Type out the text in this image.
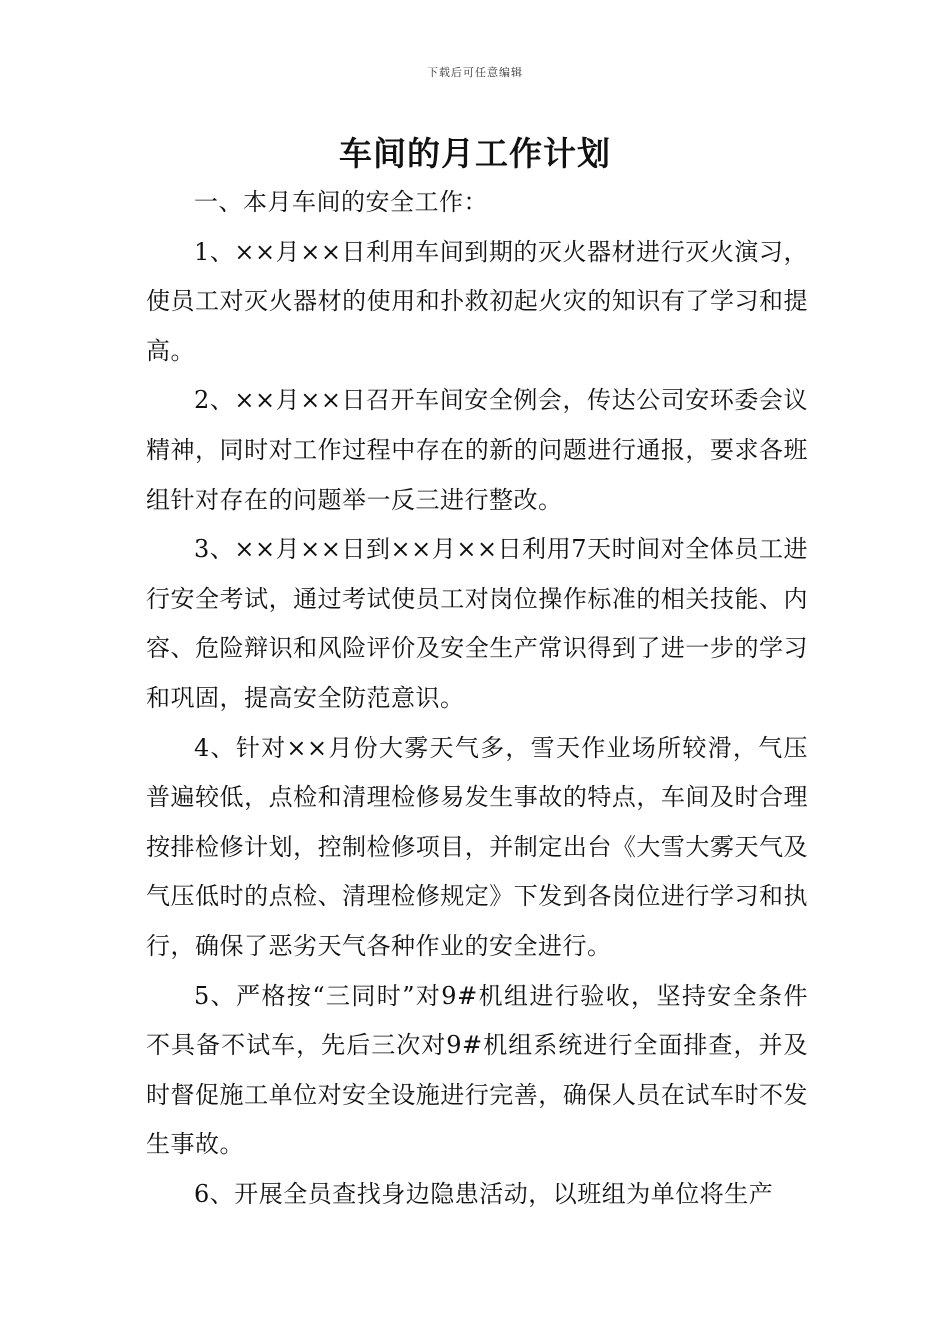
下载后可任意编辑
车间的月工作计划

一、本月车间的安全工作：

1、××月××日利用车间到期的灭火器材进行灭火演习，使员工对灭火器材的使用和扑救初起火灾的知识有了学习和提高。

2、××月××日召开车间安全例会，传达公司安环委会议精神，同时对工作过程中存在的新的问题进行通报，要求各班组针对存在的问题举一反三进行整改。

3、××月××日到××月××日利用7天时间对全体员工进行安全考试，通过考试使员工对岗位操作标准的相关技能、内容、危险辩识和风险评价及安全生产常识得到了进一步的学习和巩固，提高安全防范意识。

4、针对××月份大雾天气多，雪天作业场所较滑，气压普遍较低，点检和清理检修易发生事故的特点，车间及时合理按排检修计划，控制检修项目，并制定出台《大雪大雾天气及气压低时的点检、清理检修规定》下发到各岗位进行学习和执行，确保了恶劣天气各种作业的安全进行。

5、严格按“三同时”对9#机组进行验收，坚持安全条件不具备不试车，先后三次对9#机组系统进行全面排查，并及时督促施工单位对安全设施进行完善，确保人员在试车时不发生事故。

6、开展全员查找身边隐患活动，以班组为单位将生产
